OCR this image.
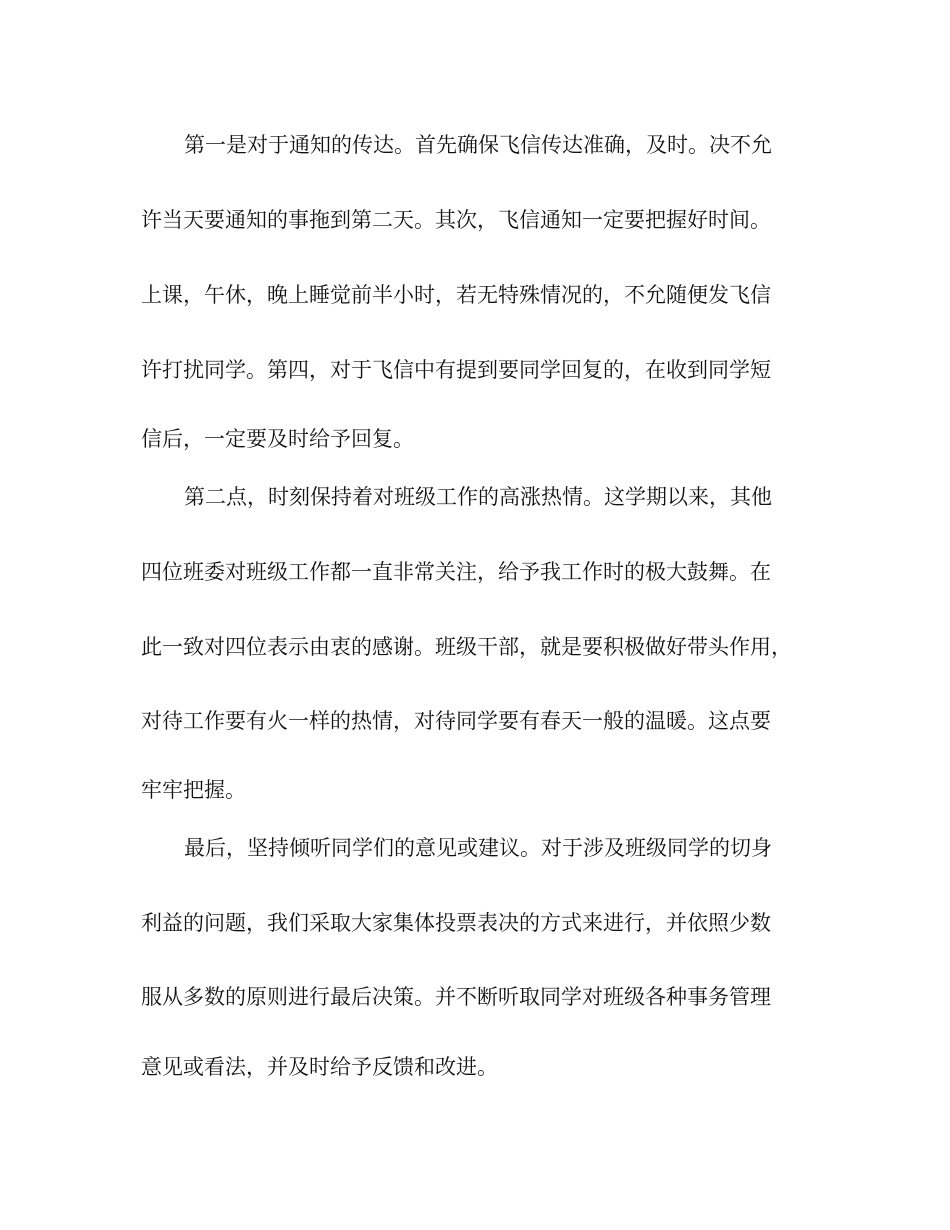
第一是对于通知的传达。首先确保飞信传达准确，及时。决不允

许当天要通知的事拖到第二天。其次，飞信通知一定要把握好时间。

上课，午休，晚上睡觉前半小时，若无特殊情况的，不允随便发飞信

许打扰同学。第四，对于飞信中有提到要同学回复的，在收到同学短

信后，一定要及时给予回复。

第二点，时刻保持着对班级工作的高涨热情。这学期以来，其他

四位班委对班级工作都一直非常关注，给予我工作时的极大鼓舞。在

此一致对四位表示由衷的感谢。班级干部，就是要积极做好带头作用，

对待工作要有火一样的热情，对待同学要有春天一般的温暖。这点要

牢牢把握。

最后，坚持倾听同学们的意见或建议。对于涉及班级同学的切身

利益的问题，我们采取大家集体投票表决的方式来进行，并依照少数

服从多数的原则进行最后决策。并不断听取同学对班级各种事务管理

意见或看法，并及时给予反馈和改进。
